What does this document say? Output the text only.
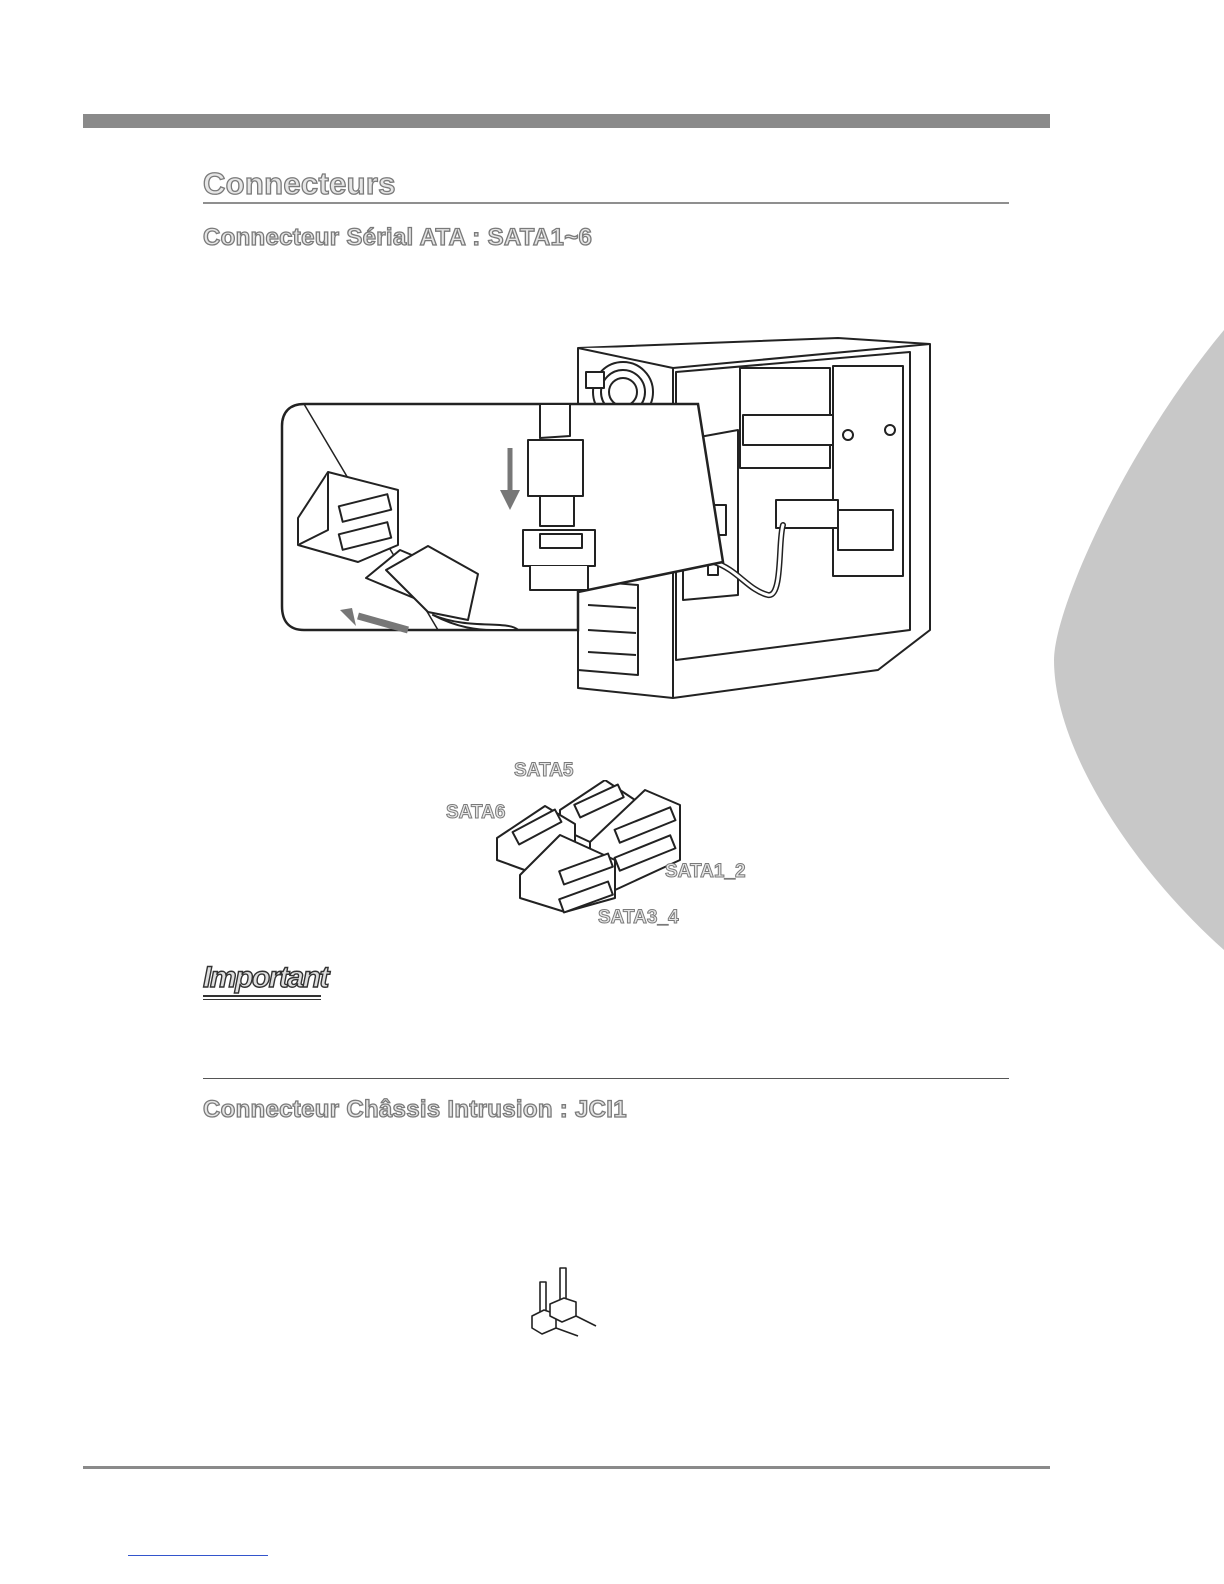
Connecteurs
Connecteur Sérial ATA : SATA1~6
SATA5
SATA6
SATA1_2
SATA3_4
Important
Connecteur Châssis Intrusion : JCI1
